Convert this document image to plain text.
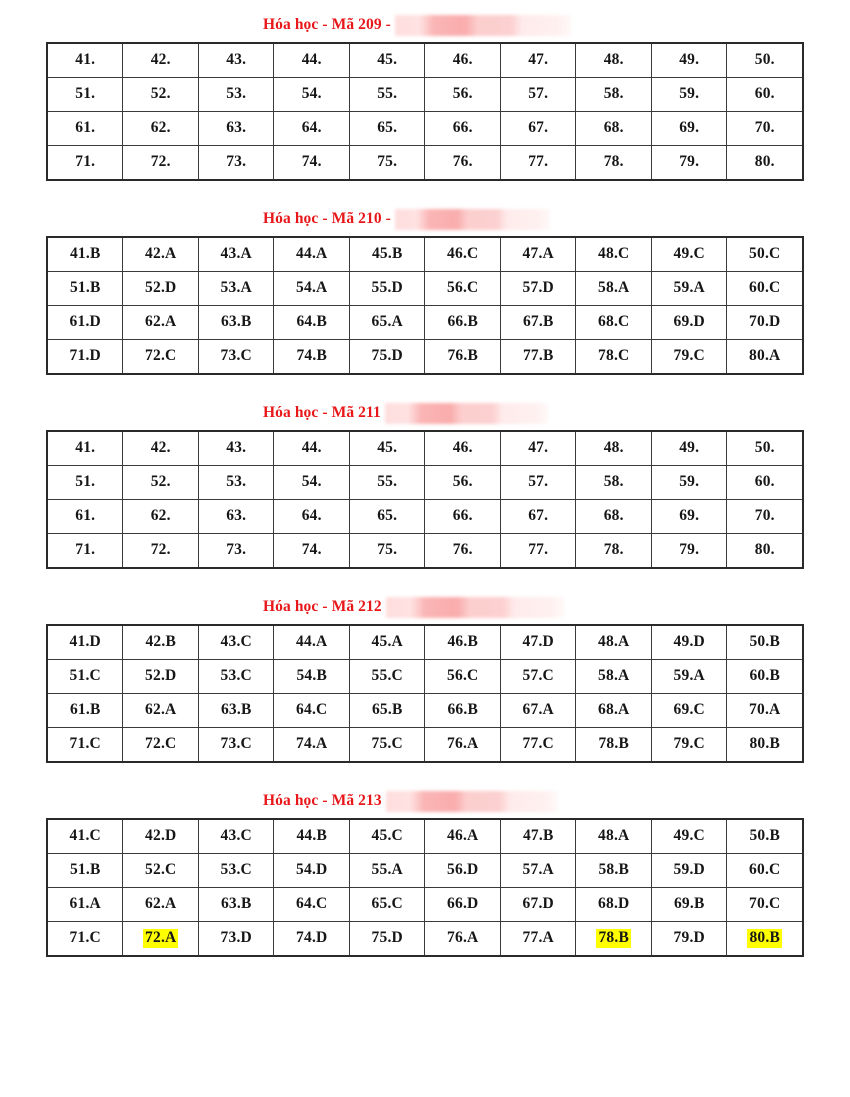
Hóa học - Mã 209 -
41.	42.	43.	44.	45.	46.	47.	48.	49.	50.
51.	52.	53.	54.	55.	56.	57.	58.	59.	60.
61.	62.	63.	64.	65.	66.	67.	68.	69.	70.
71.	72.	73.	74.	75.	76.	77.	78.	79.	80.
Hóa học - Mã 210 -
41.B	42.A	43.A	44.A	45.B	46.C	47.A	48.C	49.C	50.C
51.B	52.D	53.A	54.A	55.D	56.C	57.D	58.A	59.A	60.C
61.D	62.A	63.B	64.B	65.A	66.B	67.B	68.C	69.D	70.D
71.D	72.C	73.C	74.B	75.D	76.B	77.B	78.C	79.C	80.A
Hóa học - Mã 211
41.	42.	43.	44.	45.	46.	47.	48.	49.	50.
51.	52.	53.	54.	55.	56.	57.	58.	59.	60.
61.	62.	63.	64.	65.	66.	67.	68.	69.	70.
71.	72.	73.	74.	75.	76.	77.	78.	79.	80.
Hóa học - Mã 212
41.D	42.B	43.C	44.A	45.A	46.B	47.D	48.A	49.D	50.B
51.C	52.D	53.C	54.B	55.C	56.C	57.C	58.A	59.A	60.B
61.B	62.A	63.B	64.C	65.B	66.B	67.A	68.A	69.C	70.A
71.C	72.C	73.C	74.A	75.C	76.A	77.C	78.B	79.C	80.B
Hóa học - Mã 213
41.C	42.D	43.C	44.B	45.C	46.A	47.B	48.A	49.C	50.B
51.B	52.C	53.C	54.D	55.A	56.D	57.A	58.B	59.D	60.C
61.A	62.A	63.B	64.C	65.C	66.D	67.D	68.D	69.B	70.C
71.C	72.A	73.D	74.D	75.D	76.A	77.A	78.B	79.D	80.B
